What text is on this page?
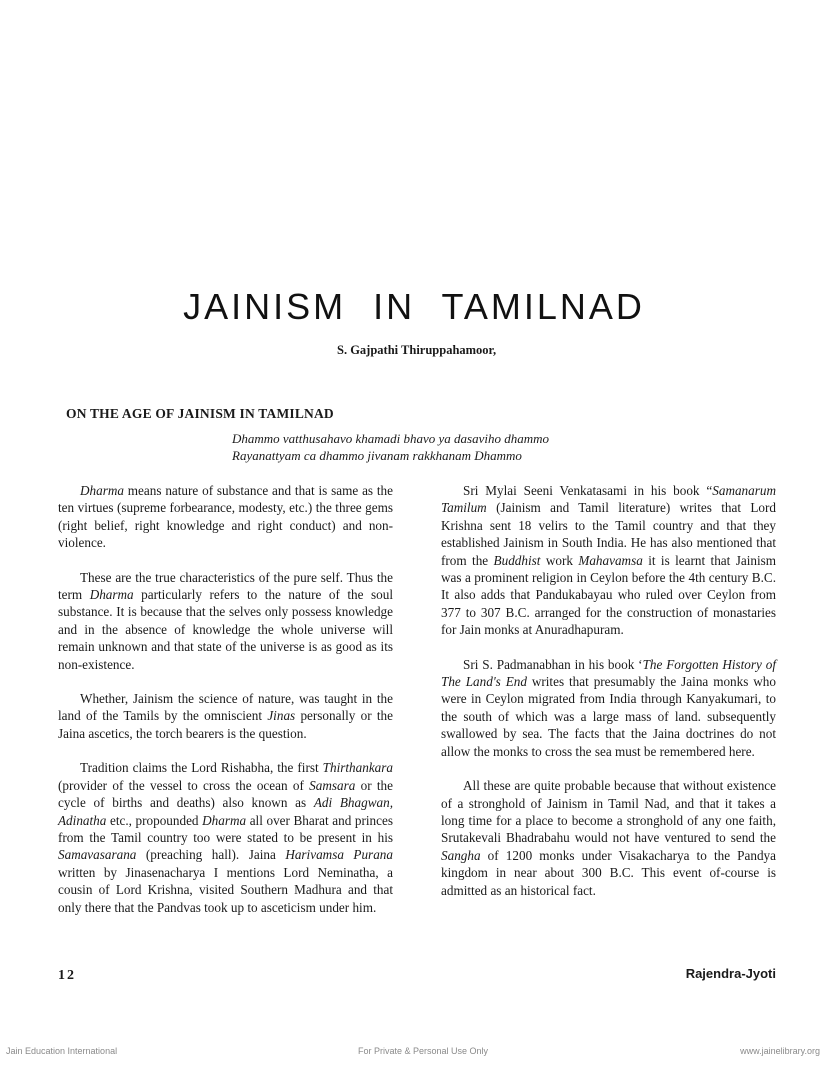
JAINISM IN TAMILNAD
S. Gajpathi Thiruppahamoor,
ON THE AGE OF JAINISM IN TAMILNAD
Dhammo vatthusahavo khamadi bhavo ya dasaviho dhammo
Rayanattyam ca dhammo jivanam rakkhanam Dhammo

Dharma means nature of substance and that is same as the ten virtues (supreme forbearance, modesty, etc.) the three gems (right belief, right knowledge and right conduct) and non-violence.

These are the true characteristics of the pure self. Thus the term Dharma particularly refers to the nature of the soul substance. It is because that the selves only possess knowledge and in the absence of knowledge the whole universe will remain unknown and that state of the universe is as good as its non-existence.

Whether, Jainism the science of nature, was taught in the land of the Tamils by the omniscient Jinas personally or the Jaina ascetics, the torch bearers is the question.

Tradition claims the Lord Rishabha, the first Thirthankara (provider of the vessel to cross the ocean of Samsara or the cycle of births and deaths) also known as Adi Bhagwan, Adinatha etc., propounded Dharma all over Bharat and princes from the Tamil country too were stated to be present in his Samavasarana (preaching hall). Jaina Harivamsa Purana written by Jinasenacharya I mentions Lord Neminatha, a cousin of Lord Krishna, visited Southern Madhura and that only there that the Pandvas took up to asceticism under him.

Sri Mylai Seeni Venkatasami in his book “Samanarum Tamilum (Jainism and Tamil literature) writes that Lord Krishna sent 18 velirs to the Tamil country and that they established Jainism in South India. He has also mentioned that from the Buddhist work Mahavamsa it is learnt that Jainism was a prominent religion in Ceylon before the 4th century B.C. It also adds that Pandukabayau who ruled over Ceylon from 377 to 307 B.C. arranged for the construction of monastaries for Jain monks at Anuradhapuram.

Sri S. Padmanabhan in his book ‘The Forgotten History of The Land's End writes that presumably the Jaina monks who were in Ceylon migrated from India through Kanyakumari, to the south of which was a large mass of land. subsequently swallowed by sea. The facts that the Jaina doctrines do not allow the monks to cross the sea must be remembered here.

All these are quite probable because that without existence of a stronghold of Jainism in Tamil Nad, and that it takes a long time for a place to become a stronghold of any one faith, Srutakevali Bhadrabahu would not have ventured to send the Sangha of 1200 monks under Visakacharya to the Pandya kingdom in near about 300 B.C. This event of-course is admitted as an historical fact.

12	Rajendra-Jyoti
Jain Education International	For Private & Personal Use Only	www.jainelibrary.org
